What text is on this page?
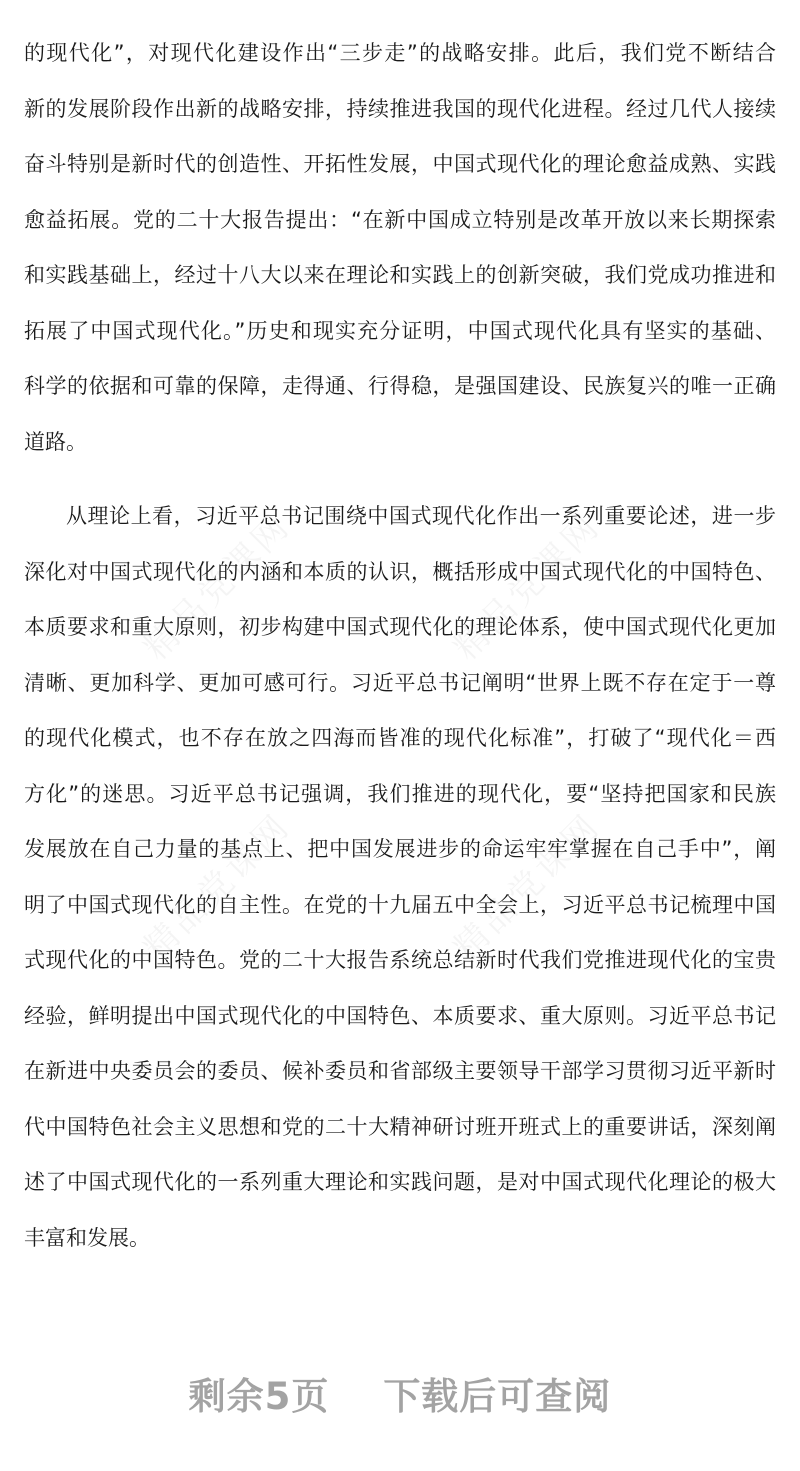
的现代化”，对现代化建设作出“三步走”的战略安排。此后，我们党不断结合
新的发展阶段作出新的战略安排，持续推进我国的现代化进程。经过几代人接续
奋斗特别是新时代的创造性、开拓性发展，中国式现代化的理论愈益成熟、实践
愈益拓展。党的二十大报告提出：“在新中国成立特别是改革开放以来长期探索
和实践基础上，经过十八大以来在理论和实践上的创新突破，我们党成功推进和
拓展了中国式现代化。”历史和现实充分证明，中国式现代化具有坚实的基础、
科学的依据和可靠的保障，走得通、行得稳，是强国建设、民族复兴的唯一正确
道路。
从理论上看，习近平总书记围绕中国式现代化作出一系列重要论述，进一步
深化对中国式现代化的内涵和本质的认识，概括形成中国式现代化的中国特色、
本质要求和重大原则，初步构建中国式现代化的理论体系，使中国式现代化更加
清晰、更加科学、更加可感可行。习近平总书记阐明“世界上既不存在定于一尊
的现代化模式，也不存在放之四海而皆准的现代化标准”，打破了“现代化＝西
方化”的迷思。习近平总书记强调，我们推进的现代化，要“坚持把国家和民族
发展放在自己力量的基点上、把中国发展进步的命运牢牢掌握在自己手中”，阐
明了中国式现代化的自主性。在党的十九届五中全会上，习近平总书记梳理中国
式现代化的中国特色。党的二十大报告系统总结新时代我们党推进现代化的宝贵
经验，鲜明提出中国式现代化的中国特色、本质要求、重大原则。习近平总书记
在新进中央委员会的委员、候补委员和省部级主要领导干部学习贯彻习近平新时
代中国特色社会主义思想和党的二十大精神研讨班开班式上的重要讲话，深刻阐
述了中国式现代化的一系列重大理论和实践问题，是对中国式现代化理论的极大
丰富和发展。
剩余5页 下载后可查阅
